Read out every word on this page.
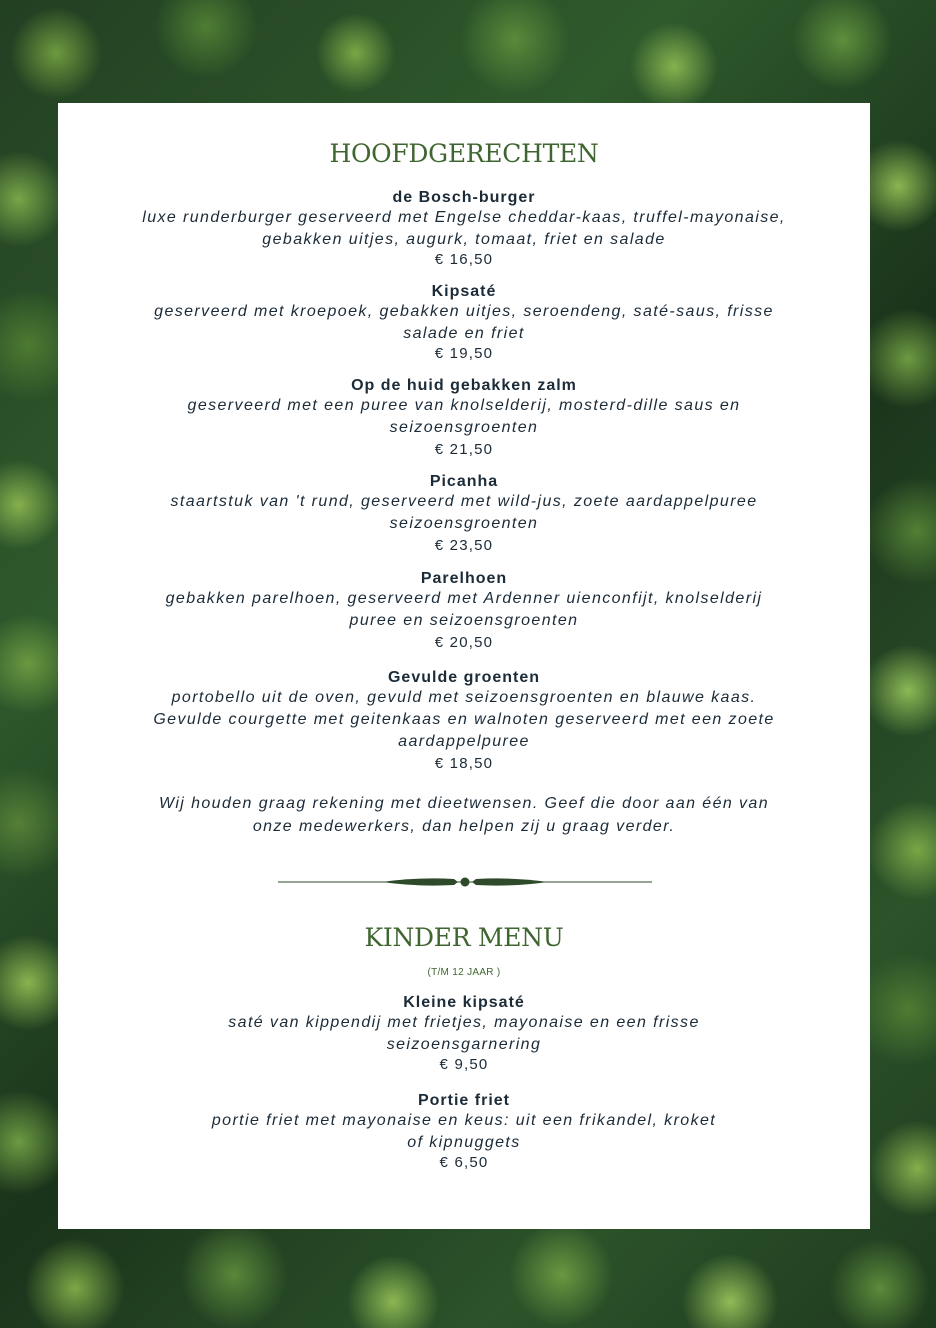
HOOFDGERECHTEN
de Bosch-burger
luxe runderburger geserveerd met Engelse cheddar-kaas, truffel-mayonaise,
gebakken uitjes, augurk, tomaat, friet en salade
€ 16,50
Kipsaté
geserveerd met kroepoek, gebakken uitjes, seroendeng, saté-saus, frisse
salade en friet
€ 19,50
Op de huid gebakken zalm
geserveerd met een puree van knolselderij, mosterd-dille saus en
seizoensgroenten
€ 21,50
Picanha
staartstuk van 't rund, geserveerd met wild-jus, zoete aardappelpuree
seizoensgroenten
€ 23,50
Parelhoen
gebakken parelhoen, geserveerd met Ardenner uienconfijt, knolselderij
puree en seizoensgroenten
€ 20,50
Gevulde groenten
portobello uit de oven, gevuld met seizoensgroenten en blauwe kaas.
Gevulde courgette met geitenkaas en walnoten geserveerd met een zoete
aardappelpuree
€ 18,50
Wij houden graag rekening met dieetwensen. Geef die door aan één van
onze medewerkers, dan helpen zij u graag verder.
KINDER MENU
(T/M 12 JAAR )
Kleine kipsaté
saté van kippendij met frietjes, mayonaise en een frisse
seizoensgarnering
€ 9,50
Portie friet
portie friet met mayonaise en keus: uit een frikandel, kroket
of kipnuggets
€ 6,50
